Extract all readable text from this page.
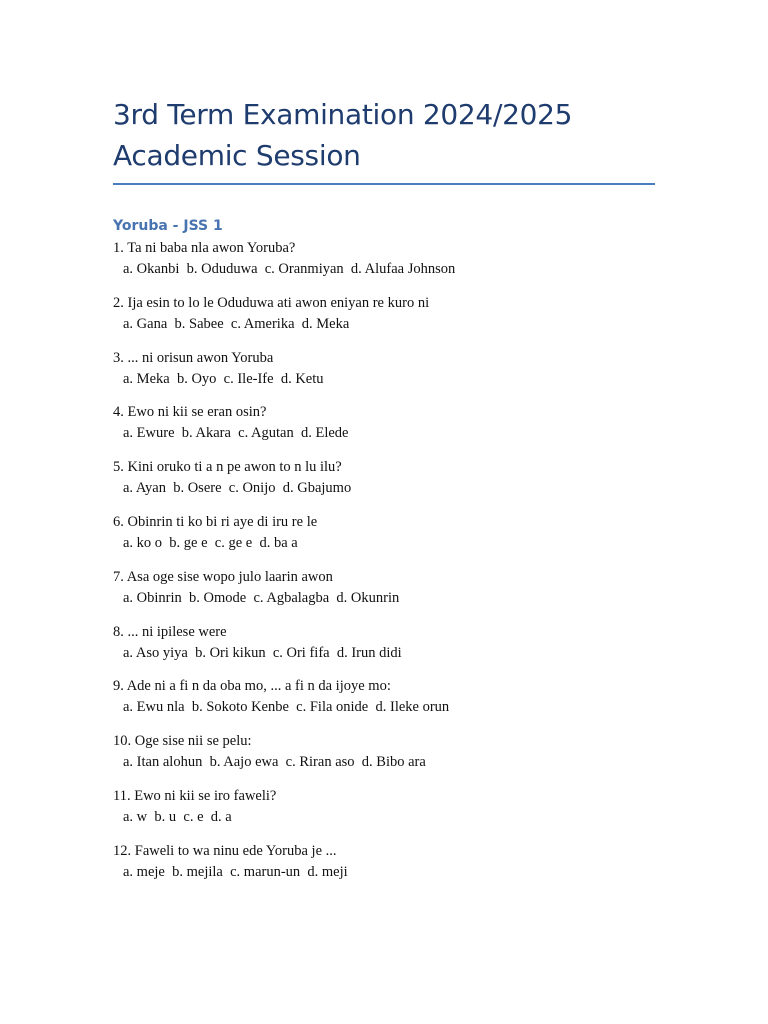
3rd Term Examination 2024/2025
Academic Session
Yoruba - JSS 1
1. Ta ni baba nla awon Yoruba?
a. Okanbi  b. Oduduwa  c. Oranmiyan  d. Alufaa Johnson
2. Ija esin to lo le Oduduwa ati awon eniyan re kuro ni
a. Gana  b. Sabee  c. Amerika  d. Meka
3. ... ni orisun awon Yoruba
a. Meka  b. Oyo  c. Ile-Ife  d. Ketu
4. Ewo ni kii se eran osin?
a. Ewure  b. Akara  c. Agutan  d. Elede
5. Kini oruko ti a n pe awon to n lu ilu?
a. Ayan  b. Osere  c. Onijo  d. Gbajumo
6. Obinrin ti ko bi ri aye di iru re le
a. ko o  b. ge e  c. ge e  d. ba a
7. Asa oge sise wopo julo laarin awon
a. Obinrin  b. Omode  c. Agbalagba  d. Okunrin
8. ... ni ipilese were
a. Aso yiya  b. Ori kikun  c. Ori fifa  d. Irun didi
9. Ade ni a fi n da oba mo, ... a fi n da ijoye mo:
a. Ewu nla  b. Sokoto Kenbe  c. Fila onide  d. Ileke orun
10. Oge sise nii se pelu:
a. Itan alohun  b. Aajo ewa  c. Riran aso  d. Bibo ara
11. Ewo ni kii se iro faweli?
a. w  b. u  c. e  d. a
12. Faweli to wa ninu ede Yoruba je ...
a. meje  b. mejila  c. marun-un  d. meji
